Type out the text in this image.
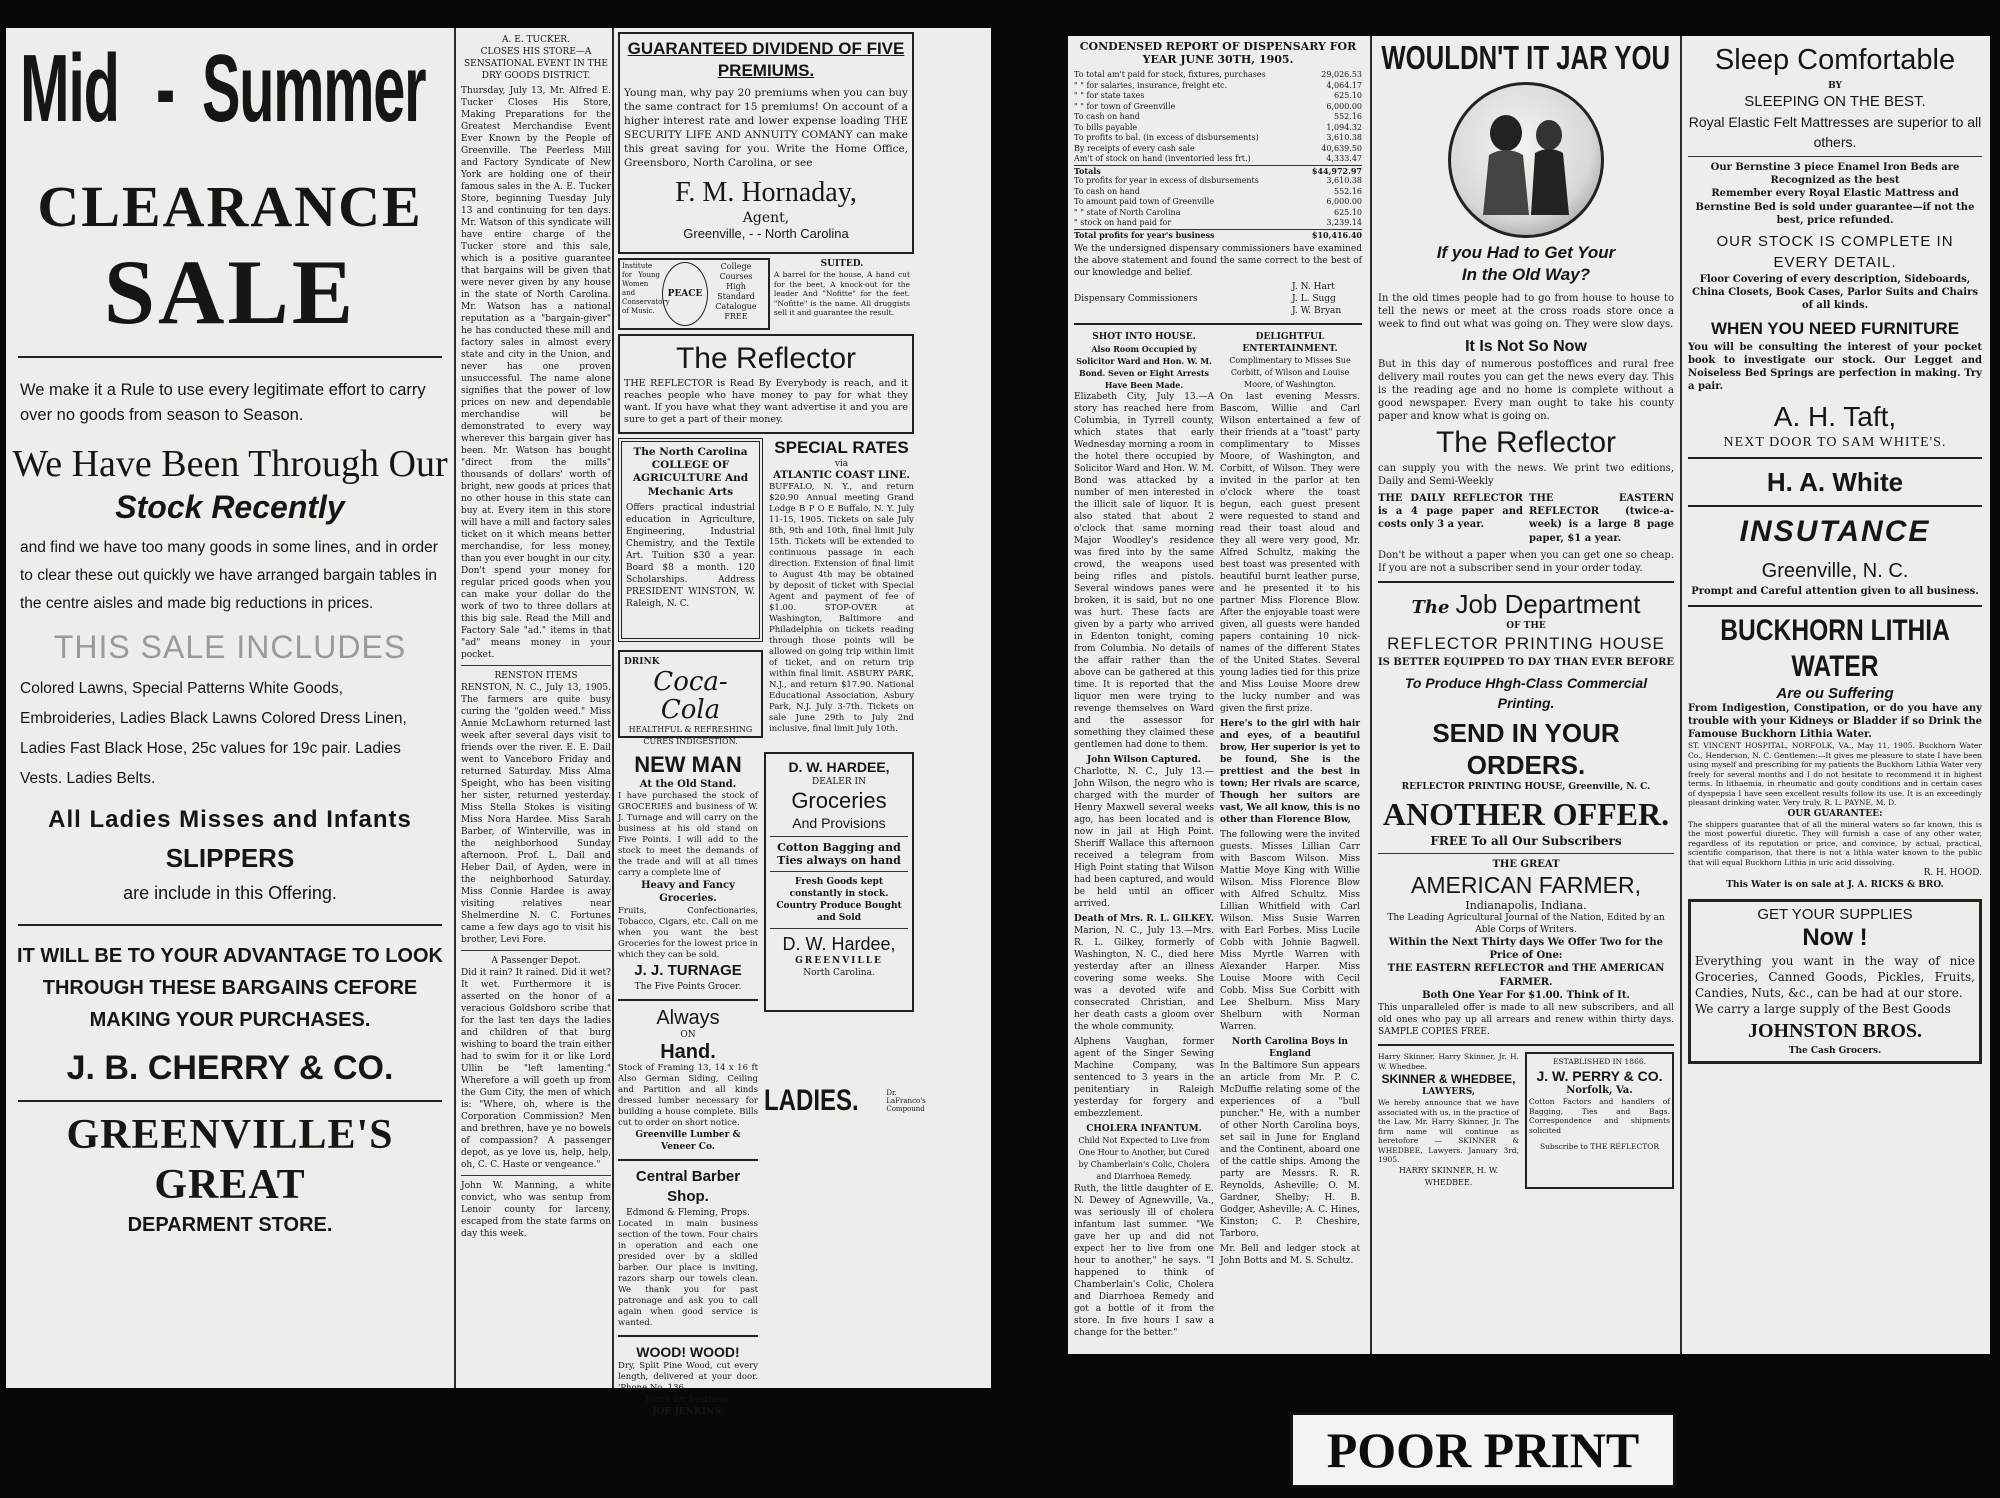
Mid - Summer
CLEARANCE
SALE
We make it a Rule to use every legitimate effort to carry over no goods from season to Season.
We Have Been Through Our
Stock Recently
and find we have too many goods in some lines, and in order to clear these out quickly we have arranged bargain tables in the centre aisles and made big reductions in prices.
THIS SALE INCLUDES
Colored Lawns, Special Patterns White Goods, Embroideries, Ladies Black Lawns Colored Dress Linen, Ladies Fast Black Hose, 25c values for 19c pair. Ladies Vests. Ladies Belts.
All Ladies Misses and Infants
SLIPPERS
are include in this Offering.
IT WILL BE TO YOUR ADVANTAGE TO LOOK THROUGH THESE BARGAINS CEFORE MAKING YOUR PURCHASES.
J. B. CHERRY & CO.
GREENVILLE'S GREAT
DEPARMENT STORE.
A. E. TUCKER.
CLOSES HIS STORE—A SENSATIONAL EVENT IN THE DRY GOODS DISTRICT.
Thursday, July 13, Mr. Alfred E. Tucker Closes His Store, Making Preparations for the Greatest Merchandise Event Ever Known by the People of Greenville. The Peerless Mill and Factory Syndicate of New York are holding one of their famous sales in the A. E. Tucker Store, beginning Tuesday July 13 and continuing for ten days. Mr. Watson of this syndicate will have entire charge of the Tucker store and this sale, which is a positive guarantee that bargains will be given that were never given by any house in the state of North Carolina. Mr. Watson has a national reputation as a "bargain-giver" he has conducted these mill and factory sales in almost every state and city in the Union, and never has one proven unsuccessful. The name alone signifies that the power of low prices on new and dependable merchandise will be demonstrated to every way wherever this bargain giver has been. Mr. Watson has bought "direct from the mills" thousands of dollars' worth of bright, new goods at prices that no other house in this state can buy at. Every item in this store will have a mill and factory sales ticket on it which means better merchandise, for less money, than you ever bought in our city. Don't spend your money for regular priced goods when you can make your dollar do the work of two to three dollars at this big sale. Read the Mill and Factory Sale "ad." items in that "ad" means money in your pocket.
RENSTON ITEMS
RENSTON, N. C., July 13, 1905. The farmers are quite busy curing the "golden weed." Miss Annie McLawhorn returned last week after several days visit to friends over the river. E. E. Dail went to Vanceboro Friday and returned Saturday. Miss Alma Speight, who has been visiting her sister, returned yesterday. Miss Stella Stokes is visiting Miss Nora Hardee. Miss Sarah Barber, of Winterville, was in the neighborhood Sunday afternoon. Prof. L. Dail and Heber Dail, of Ayden, were in the neighborhood Saturday. Miss Connie Hardee is away visiting relatives near Shelmerdine N. C. Fortunes came a few days ago to visit his brother, Levi Fore.
A Passenger Depot.
Did it rain? It rained. Did it wet? It wet. Furthermore it is asserted on the honor of a veracious Goldsboro scribe that for the last ten days the ladies and children of that burg wishing to board the train either had to swim for it or like Lord Ullin be "left lamenting." Wherefore a will goeth up from the Gum City, the men of which is: "Where, oh, where is the Corporation Commission? Men and brethren, have ye no bowels of compassion? A passenger depot, as ye love us, help, help, oh, C. C. Haste or vengeance."
John W. Manning, a white convict, who was sentup from Lenoir county for larceny, escaped from the state farms on day this week.
GUARANTEED DIVIDEND OF FIVE PREMIUMS.
Young man, why pay 20 premiums when you can buy the same contract for 15 premiums! On account of a higher interest rate and lower expense loading THE SECURITY LIFE AND ANNUITY COMANY can make this great saving for you. Write the Home Office, Greensboro, North Carolina, or see
F. M. Hornaday,
Agent,
Greenville, - - North Carolina
Institute for Young Women and Conservatory of Music.
PEACE
College Courses High Standard Catalogue FREE
SUITED.
A barrel for the house, A hand cut for the beet, A knock-out for the leader And "Nofitte" for the feet. "Nofitte" is the name. All druggists sell it and guarantee the result.
The Reflector
THE REFLECTOR is Read By Everybody is reach, and it reaches people who have money to pay for what they want. If you have what they want advertise it and you are sure to get a part of their money.
The North Carolina COLLEGE OF AGRICULTURE And Mechanic Arts
Offers practical industrial education in Agriculture, Engineering, Industrial Chemistry, and the Textile Art. Tuition $30 a year. Board $8 a month. 120 Scholarships. Address PRESIDENT WINSTON, W. Raleigh, N. C.
DRINK
Coca-Cola
HEALTHFUL & REFRESHING CURES INDIGESTION.
SPECIAL RATES
via
ATLANTIC COAST LINE.
BUFFALO, N. Y., and return $20.90 Annual meeting Grand Lodge B P O E Buffalo, N. Y. July 11-15, 1905. Tickets on sale July 8th, 9th and 10th, final limit July 15th. Tickets will be extended to continuous passage in each direction. Extension of final limit to August 4th may be obtained by deposit of ticket with Special Agent and payment of fee of $1.00. STOP-OVER at Washington, Baltimore and Philadelphia on tickets reading through those points will be allowed on going trip within limit of ticket, and on return trip within final limit. ASBURY PARK, N.J., and return $17.90. National Educational Association, Asbury Park, N.J. July 3-7th. Tickets on sale June 29th to July 2nd inclusive, final limit July 10th.
NEW MAN
At the Old Stand.
I have purchased the stock of GROCERIES and business of W. J. Turnage and will carry on the business at his old stand on Five Points. I will add to the stock to meet the demands of the trade and will at all times carry a complete line of
Heavy and Fancy Groceries.
Fruits, Confectionaries, Tobacco, Cigars, etc. Call on me when you want the best Groceries for the lowest price in which they can be sold.
J. J. TURNAGE
The Five Points Grocer.
Always
ON
Hand.
Stock of Framing 13, 14 x 16 ft Also German Siding, Ceiling and Partition and all kinds dressed lumber necessary for building a house complete. Bills cut to order on short notice.
Greenville Lumber & Veneer Co.
Central Barber Shop.
Edmond & Fleming, Props.
Located in main business section of the town. Four chairs in operation and each one presided over by a skilled barber. Our place is inviting, razors sharp our towels clean. We thank you for past patronage and ask you to call again when good service is wanted.
WOOD! WOOD!
Dry, Split Pine Wood, cut every length, delivered at your door. 'Phone No. 136.
Yours for business,
JOE JENKINS.
D. W. HARDEE,
DEALER IN
Groceries
And Provisions
Cotton Bagging and Ties always on hand
Fresh Goods kept constantly in stock. Country Produce Bought and Sold
D. W. Hardee,
GREENVILLE
North Carolina.
LADIES.	Dr. LaFranco's Compound
CONDENSED REPORT OF DISPENSARY FOR YEAR JUNE 30TH, 1905.
To total am't paid for stock, fixtures, purchases	29,026.53
" " for salaries, insurance, freight etc.	4,064.17
" " for state taxes	625.10
" " for town of Greenville	6,000.00
To cash on hand	552.16
To bills payable	1,094.32
To profits to bal. (in excess of disbursements)	3,610.38
By receipts of every cash sale	40,639.50
Am't of stock on hand (inventoried less frt.)	4,333.47
Totals	$44,972.97
To profits for year in excess of disbursements	3,610.38
To cash on hand	552.16
To amount paid town of Greenville	6,000.00
" " state of North Carolina	625.10
" stock on hand paid for	3,239.14
Total profits for year's business	$10,416.40
We the undersigned dispensary commissioners have examined the above statement and found the same correct to the best of our knowledge and belief.
Dispensary Commissioners
J. N. Hart
J. L. Sugg
J. W. Bryan
SHOT INTO HOUSE.
Also Room Occupied by Solicitor Ward and Hon. W. M. Bond. Seven or Eight Arrests Have Been Made.
Elizabeth City, July 13.—A story has reached here from Columbia, in Tyrrell county, which states that early Wednesday morning a room in the hotel there occupied by Solicitor Ward and Hon. W. M. Bond was attacked by a number of men interested in the illicit sale of liquor. It is also stated that about 2 o'clock that same morning Major Woodley's residence was fired into by the same crowd, the weapons used being rifles and pistols. Several windows panes were broken, it is said, but no one was hurt. These facts are given by a party who arrived in Edenton tonight, coming from Columbia. No details of the affair rather than the above can be gathered at this time. It is reported that the liquor men were trying to revenge themselves on Ward and the assessor for something they claimed these gentlemen had done to them.
John Wilson Captured.
Charlotte, N. C., July 13.—John Wilson, the negro who is charged with the murder of Henry Maxwell several weeks ago, has been located and is now in jail at High Point. Sheriff Wallace this afternoon received a telegram from High Point stating that Wilson had been captured, and would be held until an officer arrived.
Death of Mrs. R. L. GILKEY.
Marion, N. C., July 13.—Mrs. R. L. Gilkey, formerly of Washington, N. C., died here yesterday after an illness covering some weeks. She was a devoted wife and consecrated Christian, and her death casts a gloom over the whole community.
Alphens Vaughan, former agent of the Singer Sewing Machine Company, was sentenced to 3 years in the penitentiary in Raleigh yesterday for forgery and embezzlement.
CHOLERA INFANTUM.
Child Not Expected to Live from One Hour to Another, but Cured by Chamberlain's Colic, Cholera and Diarrhoea Remedy.
Ruth, the little daughter of E. N. Dewey of Agnewville, Va., was seriously ill of cholera infantum last summer. "We gave her up and did not expect her to live from one hour to another," he says. "I happened to think of Chamberlain's Colic, Cholera and Diarrhoea Remedy and got a bottle of it from the store. In five hours I saw a change for the better."
DELIGHTFUL ENTERTAINMENT.
Complimentary to Misses Sue Corbitt, of Wilson and Louise Moore, of Washington.
On last evening Messrs. Bascom, Willie and Carl Wilson entertained a few of their friends at a "toast" party complimentary to Misses Moore, of Washington, and Corbitt, of Wilson. They were invited in the parlor at ten o'clock where the toast begun, each guest present were requested to stand and read their toast aloud and they all were very good, Mr. Alfred Schultz, making the best toast was presented with beautiful burnt leather purse, and he presented it to his partner Miss Florence Blow. After the enjoyable toast were given, all guests were handed papers containing 10 nick-names of the different States of the United States. Several young ladies tied for this prize and Miss Louise Moore drew the lucky number and was given the first prize.
Here's to the girl with hair and eyes, of a beautiful brow, Her superior is yet to be found, She is the prettiest and the best in town; Her rivals are scarce, Though her suitors are vast, We all know, this is no other than Florence Blow,
The following were the invited guests. Misses Lillian Carr with Bascom Wilson. Miss Mattie Moye King with Willie Wilson. Miss Florence Blow with Alfred Schultz. Miss Lillian Whitfield with Carl Wilson. Miss Susie Warren with Earl Forbes. Miss Lucile Cobb with Johnie Bagwell. Miss Myrtle Warren with Alexander Harper. Miss Louise Moore with Cecil Cobb. Miss Sue Corbitt with Lee Shelburn. Miss Mary Shelburn with Norman Warren.
North Carolina Boys in England
In the Baltimore Sun appears an article from Mr. P. C. McDuffie relating some of the experiences of a "bull puncher." He, with a number of other North Carolina boys, set sail in June for England and the Continent, aboard one of the cattle ships. Among the party are Messrs. R. R. Reynolds, Asheville; O. M. Gardner, Shelby; H. B. Godger, Asheville; A. C. Hines, Kinston; C. P. Cheshire, Tarboro.
Mr. Bell and ledger stock at John Botts and M. S. Schultz.
WOULDN'T IT JAR YOU
If you Had to Get Your
In the Old Way?
In the old times people had to go from house to house to tell the news or meet at the cross roads store once a week to find out what was going on. They were slow days.
It Is Not So Now
But in this day of numerous postoffices and rural free delivery mail routes you can get the news every day. This is the reading age and no home is complete without a good newspaper. Every man ought to take his county paper and know what is going on.
The Reflector
can supply you with the news. We print two editions, Daily and Semi-Weekly
THE DAILY REFLECTOR is a 4 page paper and costs only 3 a year.
THE EASTERN REFLECTOR (twice-a-week) is a large 8 page paper, $1 a year.
Don't be without a paper when you can get one so cheap. If you are not a subscriber send in your order today.
The Job Department
OF THE
REFLECTOR PRINTING HOUSE
IS BETTER EQUIPPED TO DAY THAN EVER BEFORE
To Produce Hhgh-Class Commercial Printing.
SEND IN YOUR ORDERS.
REFLECTOR PRINTING HOUSE, Greenville, N. C.
ANOTHER OFFER.
FREE To all Our Subscribers
THE GREAT
AMERICAN FARMER,
Indianapolis, Indiana.
The Leading Agricultural Journal of the Nation, Edited by an Able Corps of Writers.
Within the Next Thirty days We Offer Two for the Price of One:
THE EASTERN REFLECTOR and THE AMERICAN FARMER.
Both One Year For $1.00. Think of It.
This unparalleled offer is made to all new subscribers, and all old ones who pay up all arrears and renew within thirty days. SAMPLE COPIES FREE.
Harry Skinner, Harry Skinner, Jr. H. W. Whedbee.
SKINNER & WHEDBEE,
LAWYERS,
We hereby announce that we have associated with us, in the practice of the Law, Mr. Harry Skinner, Jr. The firm name will continue as heretofore — SKINNER & WHEDBEE, Lawyers. January 3rd, 1905.
HARRY SKINNER, H. W. WHEDBEE.
ESTABLISHED IN 1866.
J. W. PERRY & CO.
Norfolk, Va.
Cotton Factors and handlers of Bagging, Ties and Bags. Correspondence and shipments solicited
Subscribe to THE REFLECTOR
Sleep Comfortable
BY
SLEEPING ON THE BEST.
Royal Elastic Felt Mattresses are superior to all others.
Our Bernstine 3 piece Enamel Iron Beds are Recognized as the best
Remember every Royal Elastic Mattress and Bernstine Bed is sold under guarantee—if not the best, price refunded.
OUR STOCK IS COMPLETE IN EVERY DETAIL.
Floor Covering of every description, Sideboards, China Closets, Book Cases, Parlor Suits and Chairs of all kinds.
WHEN YOU NEED FURNITURE
You will be consulting the interest of your pocket book to investigate our stock. Our Legget and Noiseless Bed Springs are perfection in making. Try a pair.
A. H. Taft,
NEXT DOOR TO SAM WHITE'S.
H. A. White
INSUTANCE
Greenville, N. C.
Prompt and Careful attention given to all business.
BUCKHORN LITHIA WATER
Are ou Suffering
From Indigestion, Constipation, or do you have any trouble with your Kidneys or Bladder if so Drink the Famouse Buckhorn Lithia Water.
ST. VINCENT HOSPITAL, NORFOLK, VA., May 11, 1905. Buckhorn Water Co., Henderson, N. C. Gentlemen:—It gives me pleasure to state I have been using myself and prescribing for my patients the Buckhorn Lithia Water very freely for several months and I do not hesitate to recommend it in highest terms. In lithaemia, in rheumatic and gouty conditions and in certain cases of dyspepsia I have seen excellent results follow its use. It is an exceedingly pleasant drinking water. Very truly, R. L. PAYNE, M. D.
OUR GUARANTEE:
The shippers guarantee that of all the mineral waters so far known, this is the most powerful diuretic. They will furnish a case of any other water, regardless of its reputation or price, and convince, by actual, practical, scientific comparison, that there is not a lithia water known to the public that will equal Buckhorn Lithia in uric acid dissolving.
R. H. HOOD.
This Water is on sale at J. A. RICKS & BRO.
GET YOUR SUPPLIES
Now !
Everything you want in the way of nice Groceries, Canned Goods, Pickles, Fruits, Candies, Nuts, &c., can be had at our store.
We carry a large supply of the Best Goods
JOHNSTON BROS.
The Cash Grocers.
POOR PRINT
